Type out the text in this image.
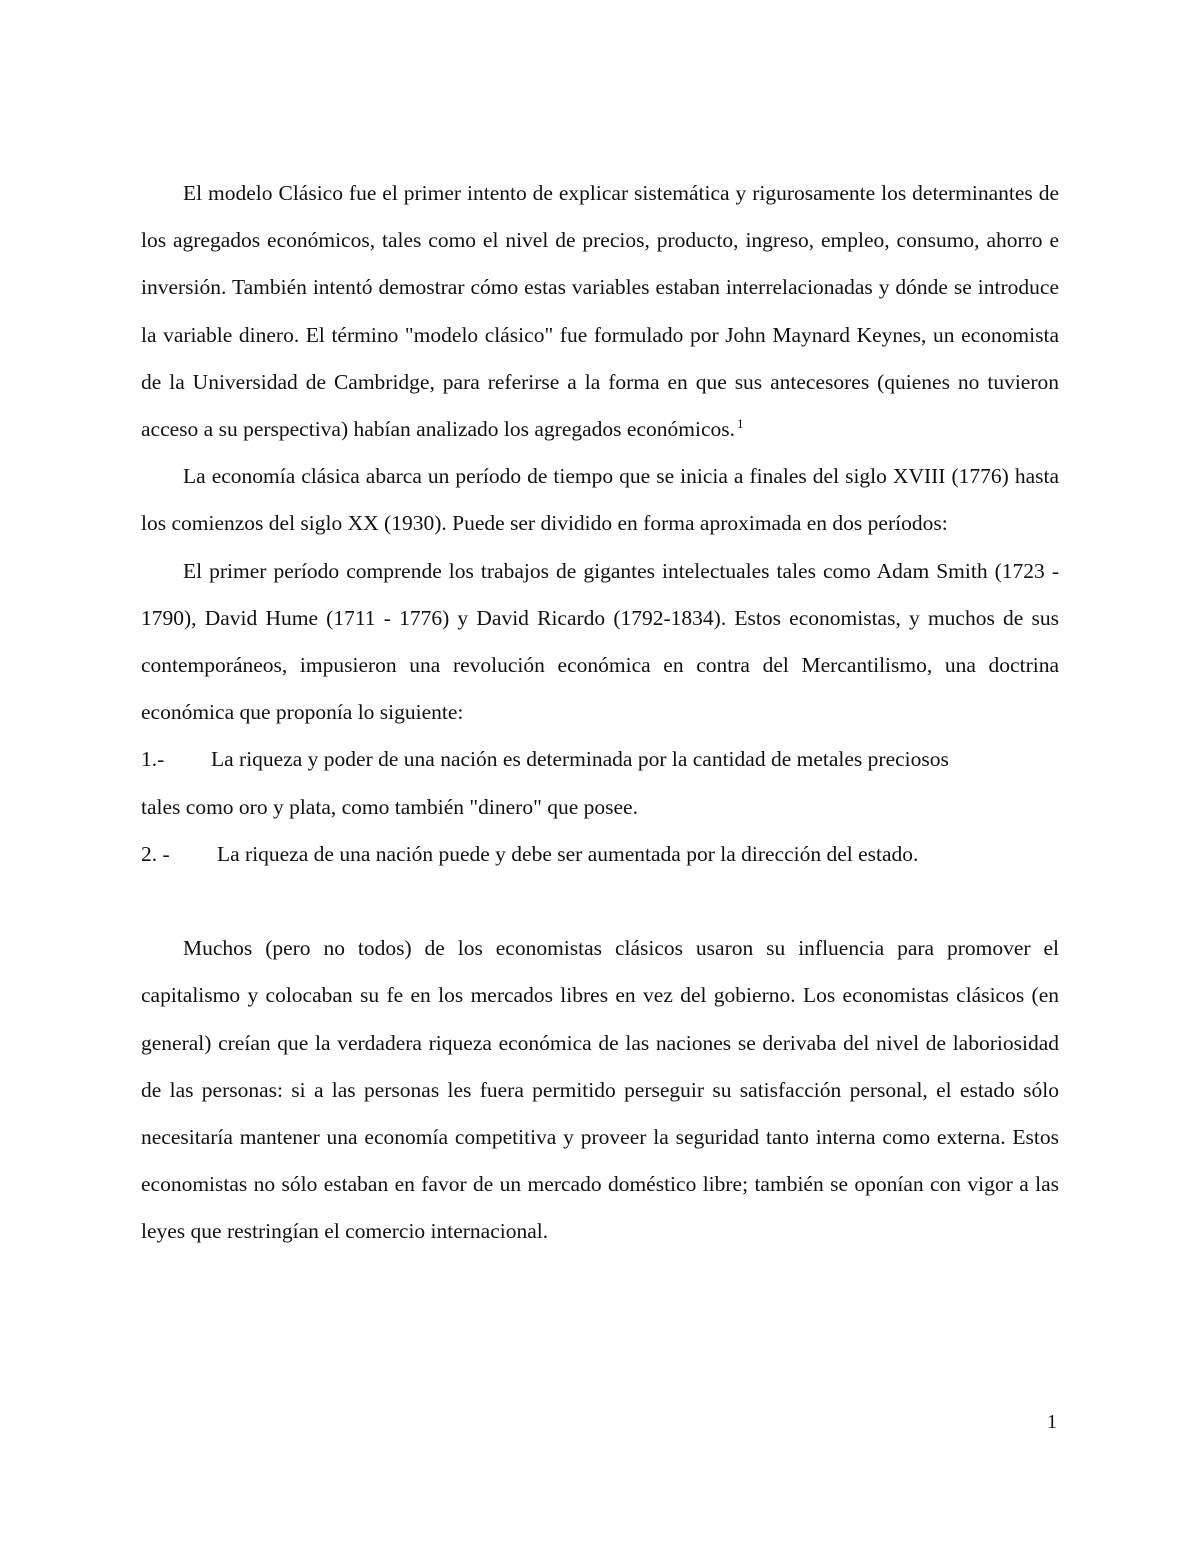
El modelo Clásico fue el primer intento de explicar sistemática y rigurosamente los determinantes de los agregados económicos, tales como el nivel de precios, producto, ingreso, empleo, consumo, ahorro e inversión. También intentó demostrar cómo estas variables estaban interrelacionadas y dónde se introduce la variable dinero. El término "modelo clásico" fue formulado por John Maynard Keynes, un economista de la Universidad de Cambridge, para referirse a la forma en que sus antecesores (quienes no tuvieron acceso a su perspectiva) habían analizado los agregados económicos. $^1$

La economía clásica abarca un período de tiempo que se inicia a finales del siglo XVIII (1776) hasta los comienzos del siglo XX (1930). Puede ser dividido en forma aproximada en dos períodos:

El primer período comprende los trabajos de gigantes intelectuales tales como Adam Smith (1723 - 1790), David Hume (1711 - 1776) y David Ricardo (1792-1834). Estos economistas, y muchos de sus contemporáneos, impusieron una revolución económica en contra del Mercantilismo, una doctrina económica que proponía lo siguiente:

1.- La riqueza y poder de una nación es determinada por la cantidad de metales preciosos
tales como oro y plata, como también "dinero" que posee.
2. -	La riqueza de una nación puede y debe ser aumentada por la dirección del estado.

Muchos (pero no todos) de los economistas clásicos usaron su influencia para promover el capitalismo y colocaban su fe en los mercados libres en vez del gobierno. Los economistas clásicos (en general) creían que la verdadera riqueza económica de las naciones se derivaba del nivel de laboriosidad de las personas: si a las personas les fuera permitido perseguir su satisfacción personal, el estado sólo necesitaría mantener una economía competitiva y proveer la seguridad tanto interna como externa. Estos economistas no sólo estaban en favor de un mercado doméstico libre; también se oponían con vigor a las leyes que restringían el comercio internacional.

1
